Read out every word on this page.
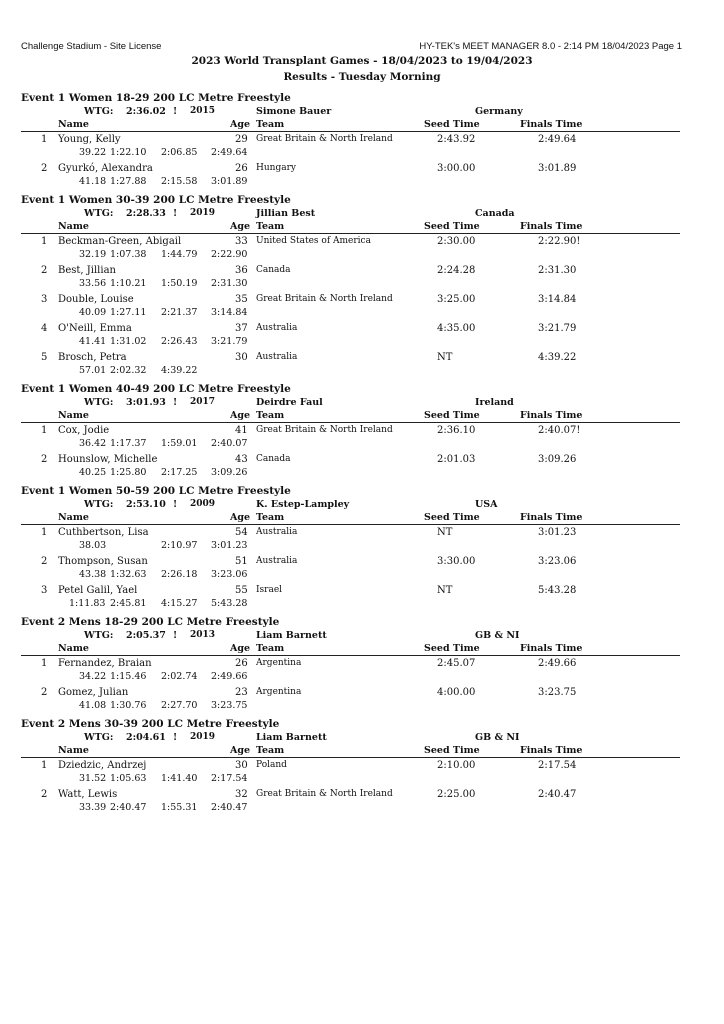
Challenge Stadium - Site License	HY-TEK's MEET MANAGER 8.0 - 2:14 PM 18/04/2023 Page 1
2023 World Transplant Games - 18/04/2023 to 19/04/2023
Results - Tuesday Morning
Event 1 Women 18-29 200 LC Metre Freestyle
WTG: 2:36.02 ! 2015	Simone Bauer	Germany
Name	Age Team	Seed Time	Finals Time
1 Young, Kelly	29 Great Britain & North Ireland	2:43.92	2:49.64
39.22 1:22.10 2:06.85 2:49.64
2 Gyurkó, Alexandra	26 Hungary	3:00.00	3:01.89
41.18 1:27.88 2:15.58 3:01.89
Event 1 Women 30-39 200 LC Metre Freestyle
WTG: 2:28.33 ! 2019	Jillian Best	Canada
Name	Age Team	Seed Time	Finals Time
1 Beckman-Green, Abigail	33 United States of America	2:30.00	2:22.90!
32.19 1:07.38 1:44.79 2:22.90
2 Best, Jillian	36 Canada	2:24.28	2:31.30
33.56 1:10.21 1:50.19 2:31.30
3 Double, Louise	35 Great Britain & North Ireland	3:25.00	3:14.84
40.09 1:27.11 2:21.37 3:14.84
4 O'Neill, Emma	37 Australia	4:35.00	3:21.79
41.41 1:31.02 2:26.43 3:21.79
5 Brosch, Petra	30 Australia	NT	4:39.22
57.01 2:02.32 4:39.22
Event 1 Women 40-49 200 LC Metre Freestyle
WTG: 3:01.93 ! 2017	Deirdre Faul	Ireland
Name	Age Team	Seed Time	Finals Time
1 Cox, Jodie	41 Great Britain & North Ireland	2:36.10	2:40.07!
36.42 1:17.37 1:59.01 2:40.07
2 Hounslow, Michelle	43 Canada	2:01.03	3:09.26
40.25 1:25.80 2:17.25 3:09.26
Event 1 Women 50-59 200 LC Metre Freestyle
WTG: 2:53.10 ! 2009	K. Estep-Lampley	USA
Name	Age Team	Seed Time	Finals Time
1 Cuthbertson, Lisa	54 Australia	NT	3:01.23
38.03	2:10.97 3:01.23
2 Thompson, Susan	51 Australia	3:30.00	3:23.06
43.38 1:32.63 2:26.18 3:23.06
3 Petel Galil, Yael	55 Israel	NT	5:43.28
1:11.83 2:45.81 4:15.27 5:43.28
Event 2 Mens 18-29 200 LC Metre Freestyle
WTG: 2:05.37 ! 2013	Liam Barnett	GB & NI
Name	Age Team	Seed Time	Finals Time
1 Fernandez, Braian	26 Argentina	2:45.07	2:49.66
34.22 1:15.46 2:02.74 2:49.66
2 Gomez, Julian	23 Argentina	4:00.00	3:23.75
41.08 1:30.76 2:27.70 3:23.75
Event 2 Mens 30-39 200 LC Metre Freestyle
WTG: 2:04.61 ! 2019	Liam Barnett	GB & NI
Name	Age Team	Seed Time	Finals Time
1 Dziedzic, Andrzej	30 Poland	2:10.00	2:17.54
31.52 1:05.63 1:41.40 2:17.54
2 Watt, Lewis	32 Great Britain & North Ireland	2:25.00	2:40.47
33.39 2:40.47 1:55.31 2:40.47
